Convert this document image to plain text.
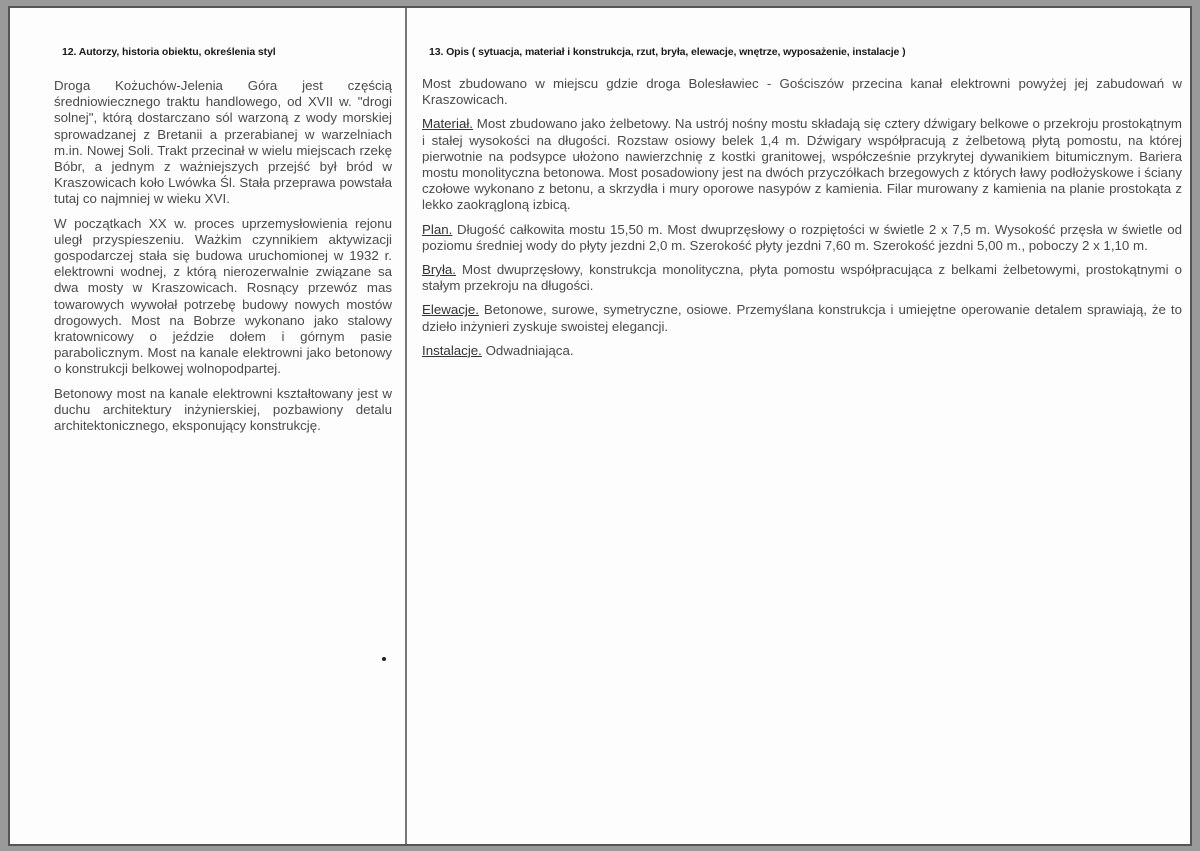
12. Autorzy, historia obiektu, określenia styl

Droga Kożuchów-Jelenia Góra jest częścią średniowiecznego traktu handlowego, od XVII w. "drogi solnej", którą dostarczano sól warzoną z wody morskiej sprowadzanej z Bretanii a przerabianej w warzelniach m.in. Nowej Soli. Trakt przecinał w wielu miejscach rzekę Bóbr, a jednym z ważniejszych przejść był bród w Kraszowicach koło Lwówka Śl. Stała przeprawa powstała tutaj co najmniej w wieku XVI.

W początkach XX w. proces uprzemysłowienia rejonu uległ przyspieszeniu. Ważkim czynnikiem aktywizacji gospodarczej stała się budowa uruchomionej w 1932 r. elektrowni wodnej, z którą nierozerwalnie związane sa dwa mosty w Kraszowicach. Rosnący przewóz mas towarowych wywołał potrzebę budowy nowych mostów drogowych. Most na Bobrze wykonano jako stalowy kratownicowy o jeździe dołem i górnym pasie parabolicznym. Most na kanale elektrowni jako betonowy o konstrukcji belkowej wolnopodpartej.

Betonowy most na kanale elektrowni kształtowany jest w duchu architektury inżynierskiej, pozbawiony detalu architektonicznego, eksponujący konstrukcję.

13. Opis ( sytuacja, materiał i konstrukcja, rzut, bryła, elewacje, wnętrze, wyposażenie, instalacje )

Most zbudowano w miejscu gdzie droga Bolesławiec - Gościszów przecina kanał elektrowni powyżej jej zabudowań w Kraszowicach.

Materiał. Most zbudowano jako żelbetowy. Na ustrój nośny mostu składają się cztery dźwigary belkowe o przekroju prostokątnym i stałej wysokości na długości. Rozstaw osiowy belek 1,4 m. Dźwigary współpracują z żelbetową płytą pomostu, na której pierwotnie na podsypce ułożono nawierzchnię z kostki granitowej, współcześnie przykrytej dywanikiem bitumicznym. Bariera mostu monolityczna betonowa. Most posadowiony jest na dwóch przyczółkach brzegowych z których ławy podłożyskowe i ściany czołowe wykonano z betonu, a skrzydła i mury oporowe nasypów z kamienia. Filar murowany z kamienia na planie prostokąta z lekko zaokrągloną izbicą.

Plan. Długość całkowita mostu 15,50 m. Most dwuprzęsłowy o rozpiętości w świetle 2 x 7,5 m. Wysokość przęsła w świetle od poziomu średniej wody do płyty jezdni 2,0 m. Szerokość płyty jezdni 7,60 m. Szerokość jezdni 5,00 m., poboczy 2 x 1,10 m.

Bryła. Most dwuprzęsłowy, konstrukcja monolityczna, płyta pomostu współpracująca z belkami żelbetowymi, prostokątnymi o stałym przekroju na długości.

Elewacje. Betonowe, surowe, symetryczne, osiowe. Przemyślana konstrukcja i umiejętne operowanie detalem sprawiają, że to dzieło inżynieri zyskuje swoistej elegancji.

Instalacje. Odwadniająca.
